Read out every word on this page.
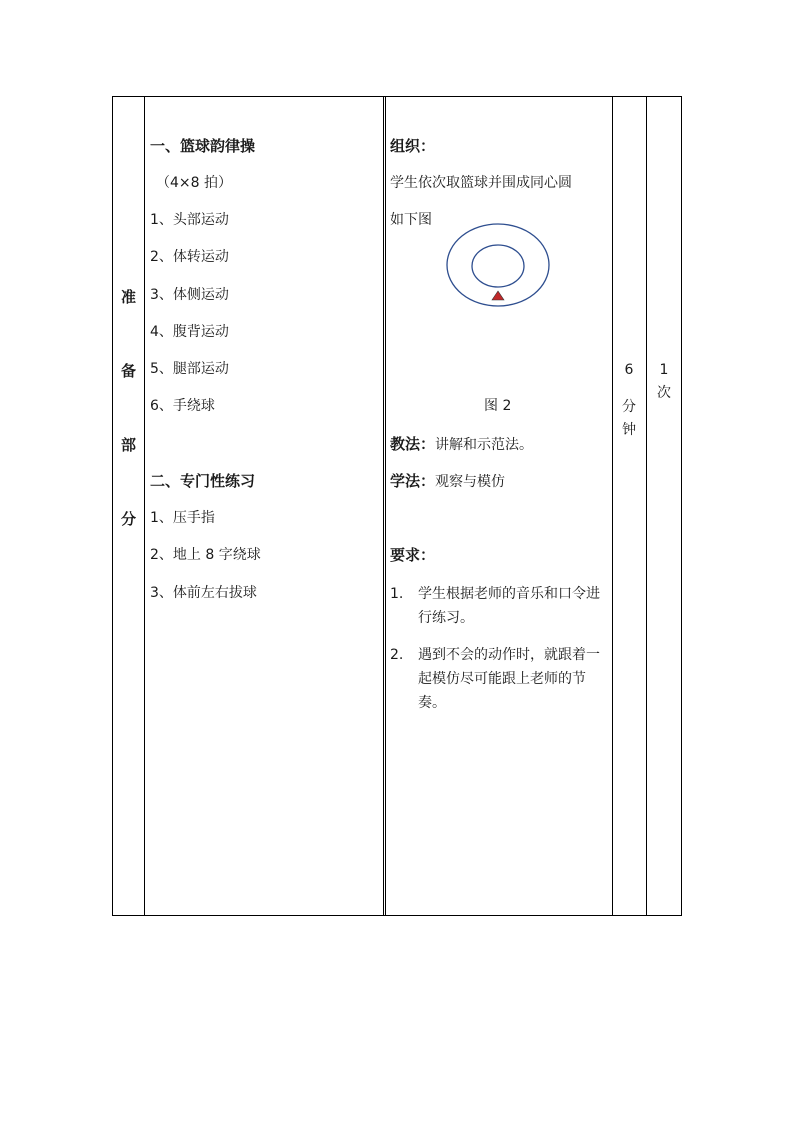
准
备
部
分
一、篮球韵律操
（4×8 拍）
1、头部运动
2、体转运动
3、体侧运动
4、腹背运动
5、腿部运动
6、手绕球
二、专门性练习
1、压手指
2、地上 8 字绕球
3、体前左右拔球
组织：
学生依次取篮球并围成同心圆
如下图
图 2
教法：讲解和示范法。
学法：观察与模仿
要求：
1. 学生根据老师的音乐和口令进行练习。
2. 遇到不会的动作时，就跟着一起模仿尽可能跟上老师的节奏。
6
分
钟
1
次
